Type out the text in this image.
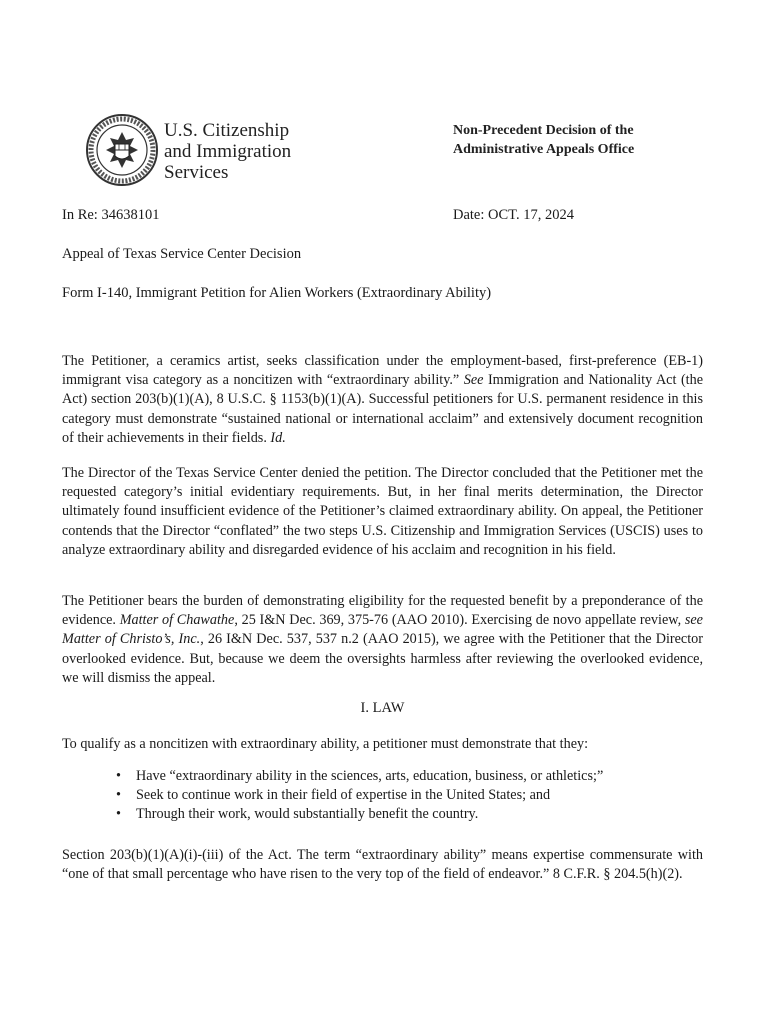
U.S. Citizenship
and Immigration
Services
Non-Precedent Decision of the
Administrative Appeals Office
In Re: 34638101	Date: OCT. 17, 2024
Appeal of Texas Service Center Decision
Form I-140, Immigrant Petition for Alien Workers (Extraordinary Ability)
The Petitioner, a ceramics artist, seeks classification under the employment-based, first-preference (EB-1) immigrant visa category as a noncitizen with “extraordinary ability.” See Immigration and Nationality Act (the Act) section 203(b)(1)(A), 8 U.S.C. § 1153(b)(1)(A). Successful petitioners for U.S. permanent residence in this category must demonstrate “sustained national or international acclaim” and extensively document recognition of their achievements in their fields. Id.
The Director of the Texas Service Center denied the petition. The Director concluded that the Petitioner met the requested category’s initial evidentiary requirements. But, in her final merits determination, the Director ultimately found insufficient evidence of the Petitioner’s claimed extraordinary ability. On appeal, the Petitioner contends that the Director “conflated” the two steps U.S. Citizenship and Immigration Services (USCIS) uses to analyze extraordinary ability and disregarded evidence of his acclaim and recognition in his field.
The Petitioner bears the burden of demonstrating eligibility for the requested benefit by a preponderance of the evidence. Matter of Chawathe, 25 I&N Dec. 369, 375-76 (AAO 2010). Exercising de novo appellate review, see Matter of Christo’s, Inc., 26 I&N Dec. 537, 537 n.2 (AAO 2015), we agree with the Petitioner that the Director overlooked evidence. But, because we deem the oversights harmless after reviewing the overlooked evidence, we will dismiss the appeal.
I. LAW
To qualify as a noncitizen with extraordinary ability, a petitioner must demonstrate that they:
•	Have “extraordinary ability in the sciences, arts, education, business, or athletics;”
•	Seek to continue work in their field of expertise in the United States; and
•	Through their work, would substantially benefit the country.
Section 203(b)(1)(A)(i)-(iii) of the Act. The term “extraordinary ability” means expertise commensurate with “one of that small percentage who have risen to the very top of the field of endeavor.” 8 C.F.R. § 204.5(h)(2).
